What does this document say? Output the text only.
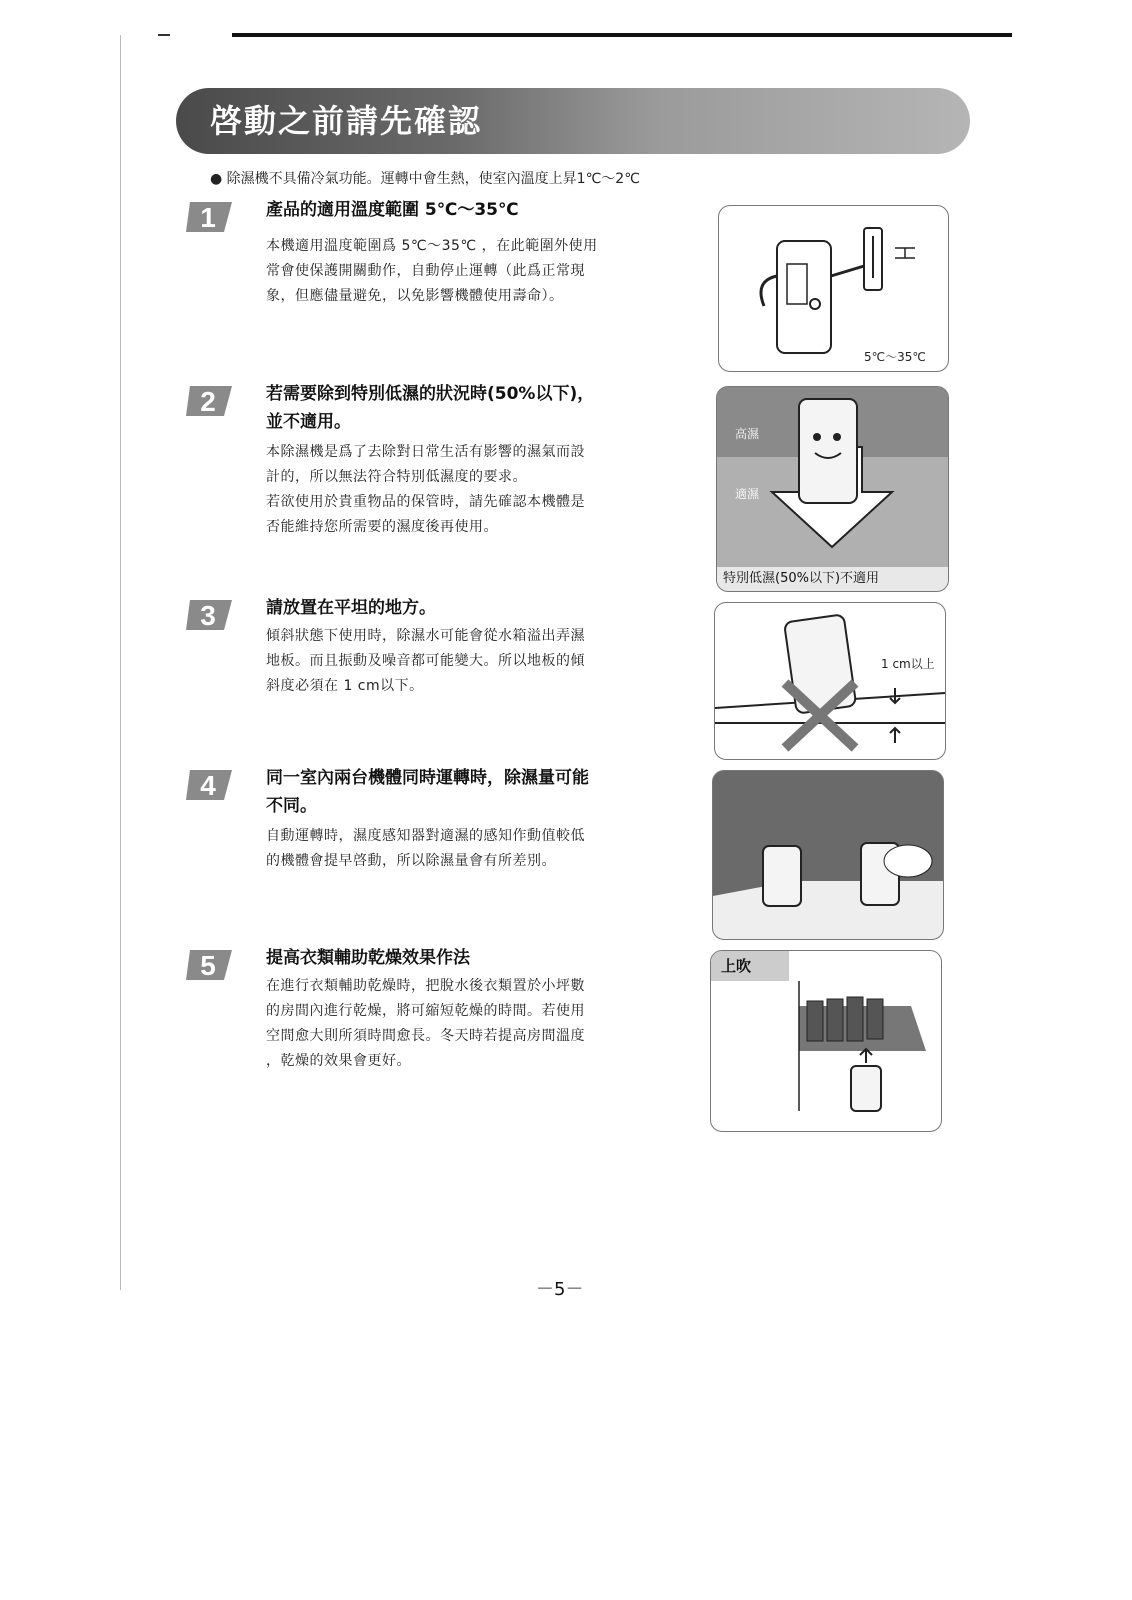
啓動之前請先確認
● 除濕機不具備冷氣功能。運轉中會生熱，使室內溫度上昇1℃～2℃
1	產品的適用溫度範圍 5℃～35℃
本機適用溫度範圍爲 5℃～35℃ ，在此範圍外使用
常會使保護開關動作，自動停止運轉（此爲正常現
象，但應儘量避免，以免影響機體使用壽命）。
5℃～35℃
2	若需要除到特別低濕的狀況時(50%以下)，
並不適用。
本除濕機是爲了去除對日常生活有影響的濕氣而設
計的，所以無法符合特別低濕度的要求。
若欲使用於貴重物品的保管時，請先確認本機體是
否能維持您所需要的濕度後再使用。
高濕
適濕
特別低濕(50%以下)不適用
3	請放置在平坦的地方。
傾斜狀態下使用時，除濕水可能會從水箱溢出弄濕
地板。而且振動及噪音都可能變大。所以地板的傾
斜度必須在 1 cm以下。
1 cm以上
4	同一室內兩台機體同時運轉時，除濕量可能
不同。
自動運轉時，濕度感知器對適濕的感知作動值較低
的機體會提早啓動，所以除濕量會有所差別。
5	提高衣類輔助乾燥效果作法
在進行衣類輔助乾燥時，把脫水後衣類置於小坪數
的房間內進行乾燥，將可縮短乾燥的時間。若使用
空間愈大則所須時間愈長。冬天時若提高房間溫度
，乾燥的效果會更好。
上吹
－5－
